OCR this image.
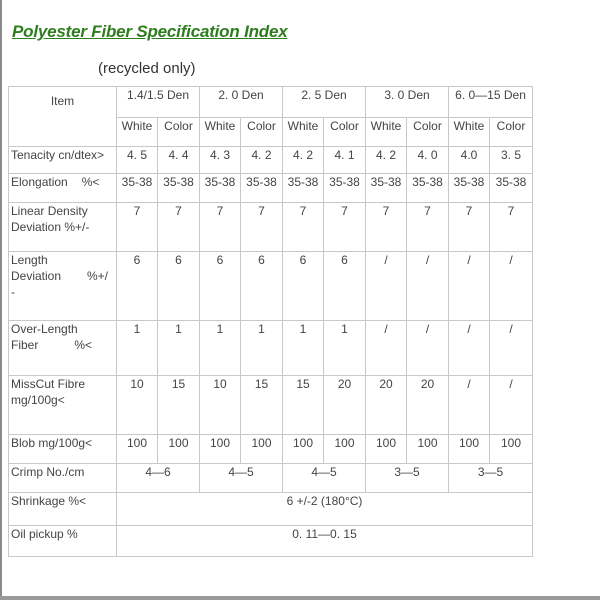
Polyester Fiber Specification Index
(recycled only)
Item	1.4/1.5 Den		2. 0 Den		2. 5 Den		3. 0 Den		6. 0—15 Den	
	White	Color	White	Color	White	Color	White	Color	White	Color
Tenacity cn/dtex>	4. 5	4. 4	4. 3	4. 2	4. 2	4. 1	4. 2	4. 0	4.0	3. 5
Elongation %<	35-38	35-38	35-38	35-38	35-38	35-38	35-38	35-38	35-38	35-38

Linear Density
Deviation %+/-	7	7	7	7	7	7	7	7	7	7

Length
Deviation %+/
-	6	6	6	6	6	6	/	/	/	/

Over-Length
Fiber %<	1	1	1	1	1	1	/	/	/	/

MissCut Fibre
mg/100g<	10	15	10	15	15	20	20	20	/	/
Blob mg/100g<	100	100	100	100	100	100	100	100	100	100
Crimp No./cm	4—6		4—5		4—5		3—5		3—5	
Shrinkage %<	6 +/-2 (180°C)									
Oil pickup %	0. 11—0. 15									
